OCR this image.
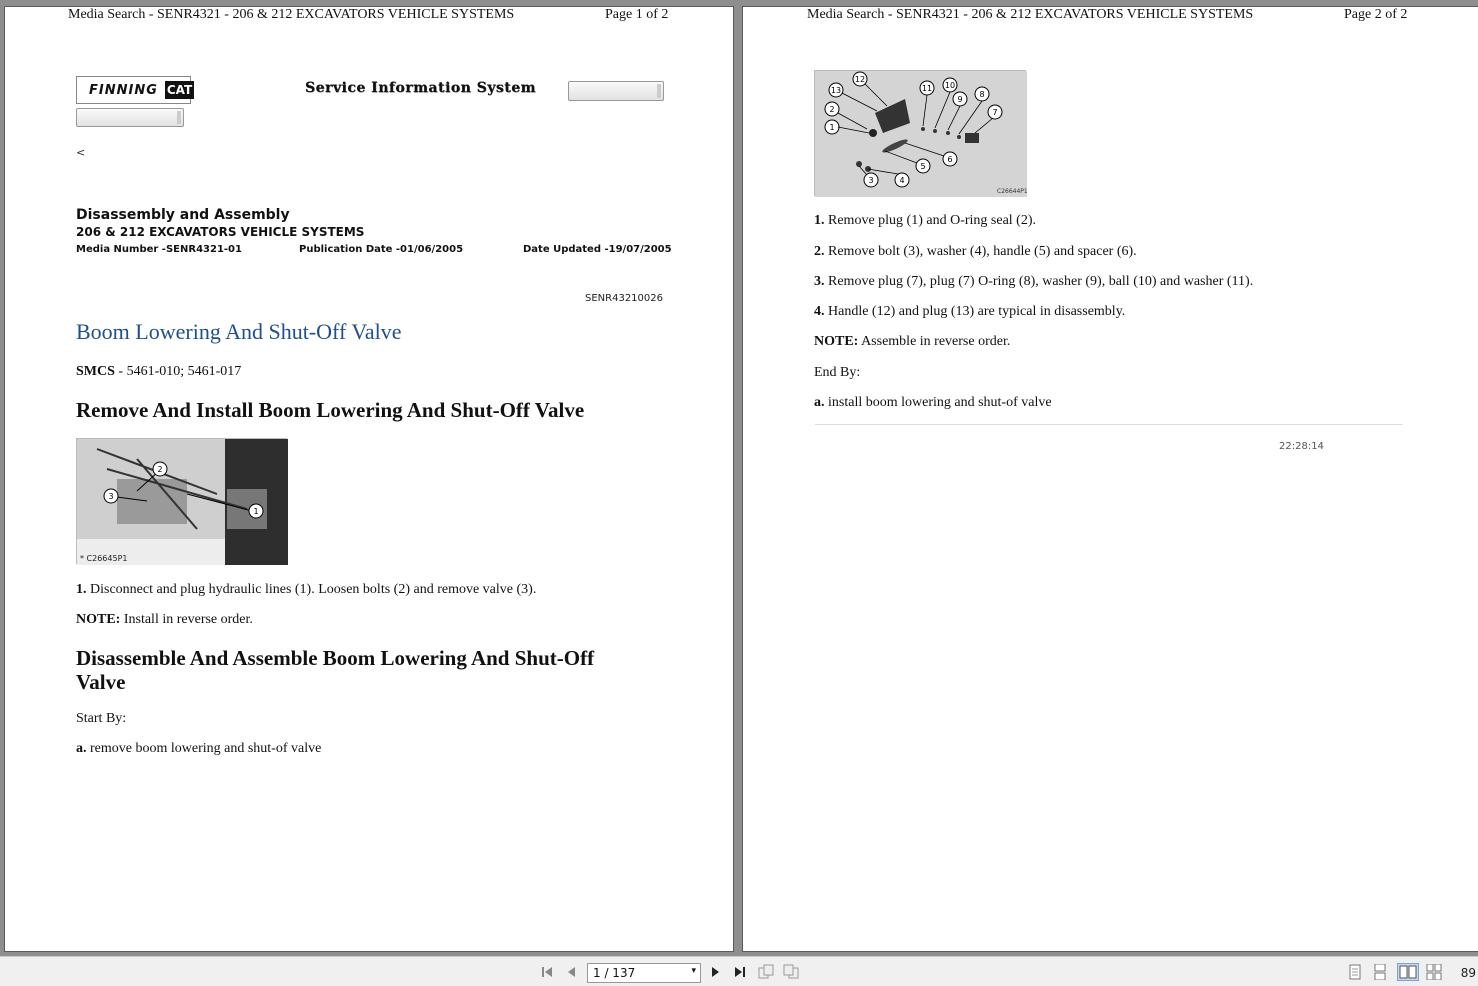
Media Search - SENR4321 - 206 & 212 EXCAVATORS VEHICLE SYSTEMS	Page 1 of 2
FINNING CAT	Service Information System
<
Disassembly and Assembly
206 & 212 EXCAVATORS VEHICLE SYSTEMS
Media Number -SENR4321-01	Publication Date -01/06/2005	Date Updated -19/07/2005
SENR43210026
Boom Lowering And Shut-Off Valve
SMCS - 5461-010; 5461-017
Remove And Install Boom Lowering And Shut-Off Valve
2
3
1
* C26645P1
1. Disconnect and plug hydraulic lines (1). Loosen bolts (2) and remove valve (3).
NOTE: Install in reverse order.
Disassemble And Assemble Boom Lowering And Shut-Off Valve
Start By:
a. remove boom lowering and shut-of valve
Media Search - SENR4321 - 206 & 212 EXCAVATORS VEHICLE SYSTEMS	Page 2 of 2
12
13
2
1
11 10
9
8
7
6
5
4
3
C26644P1
1. Remove plug (1) and O-ring seal (2).
2. Remove bolt (3), washer (4), handle (5) and spacer (6).
3. Remove plug (7), plug (7) O-ring (8), washer (9), ball (10) and washer (11).
4. Handle (12) and plug (13) are typical in disassembly.
NOTE: Assemble in reverse order.
End By:
a. install boom lowering and shut-of valve
22:28:14
1 / 137	▾	89
